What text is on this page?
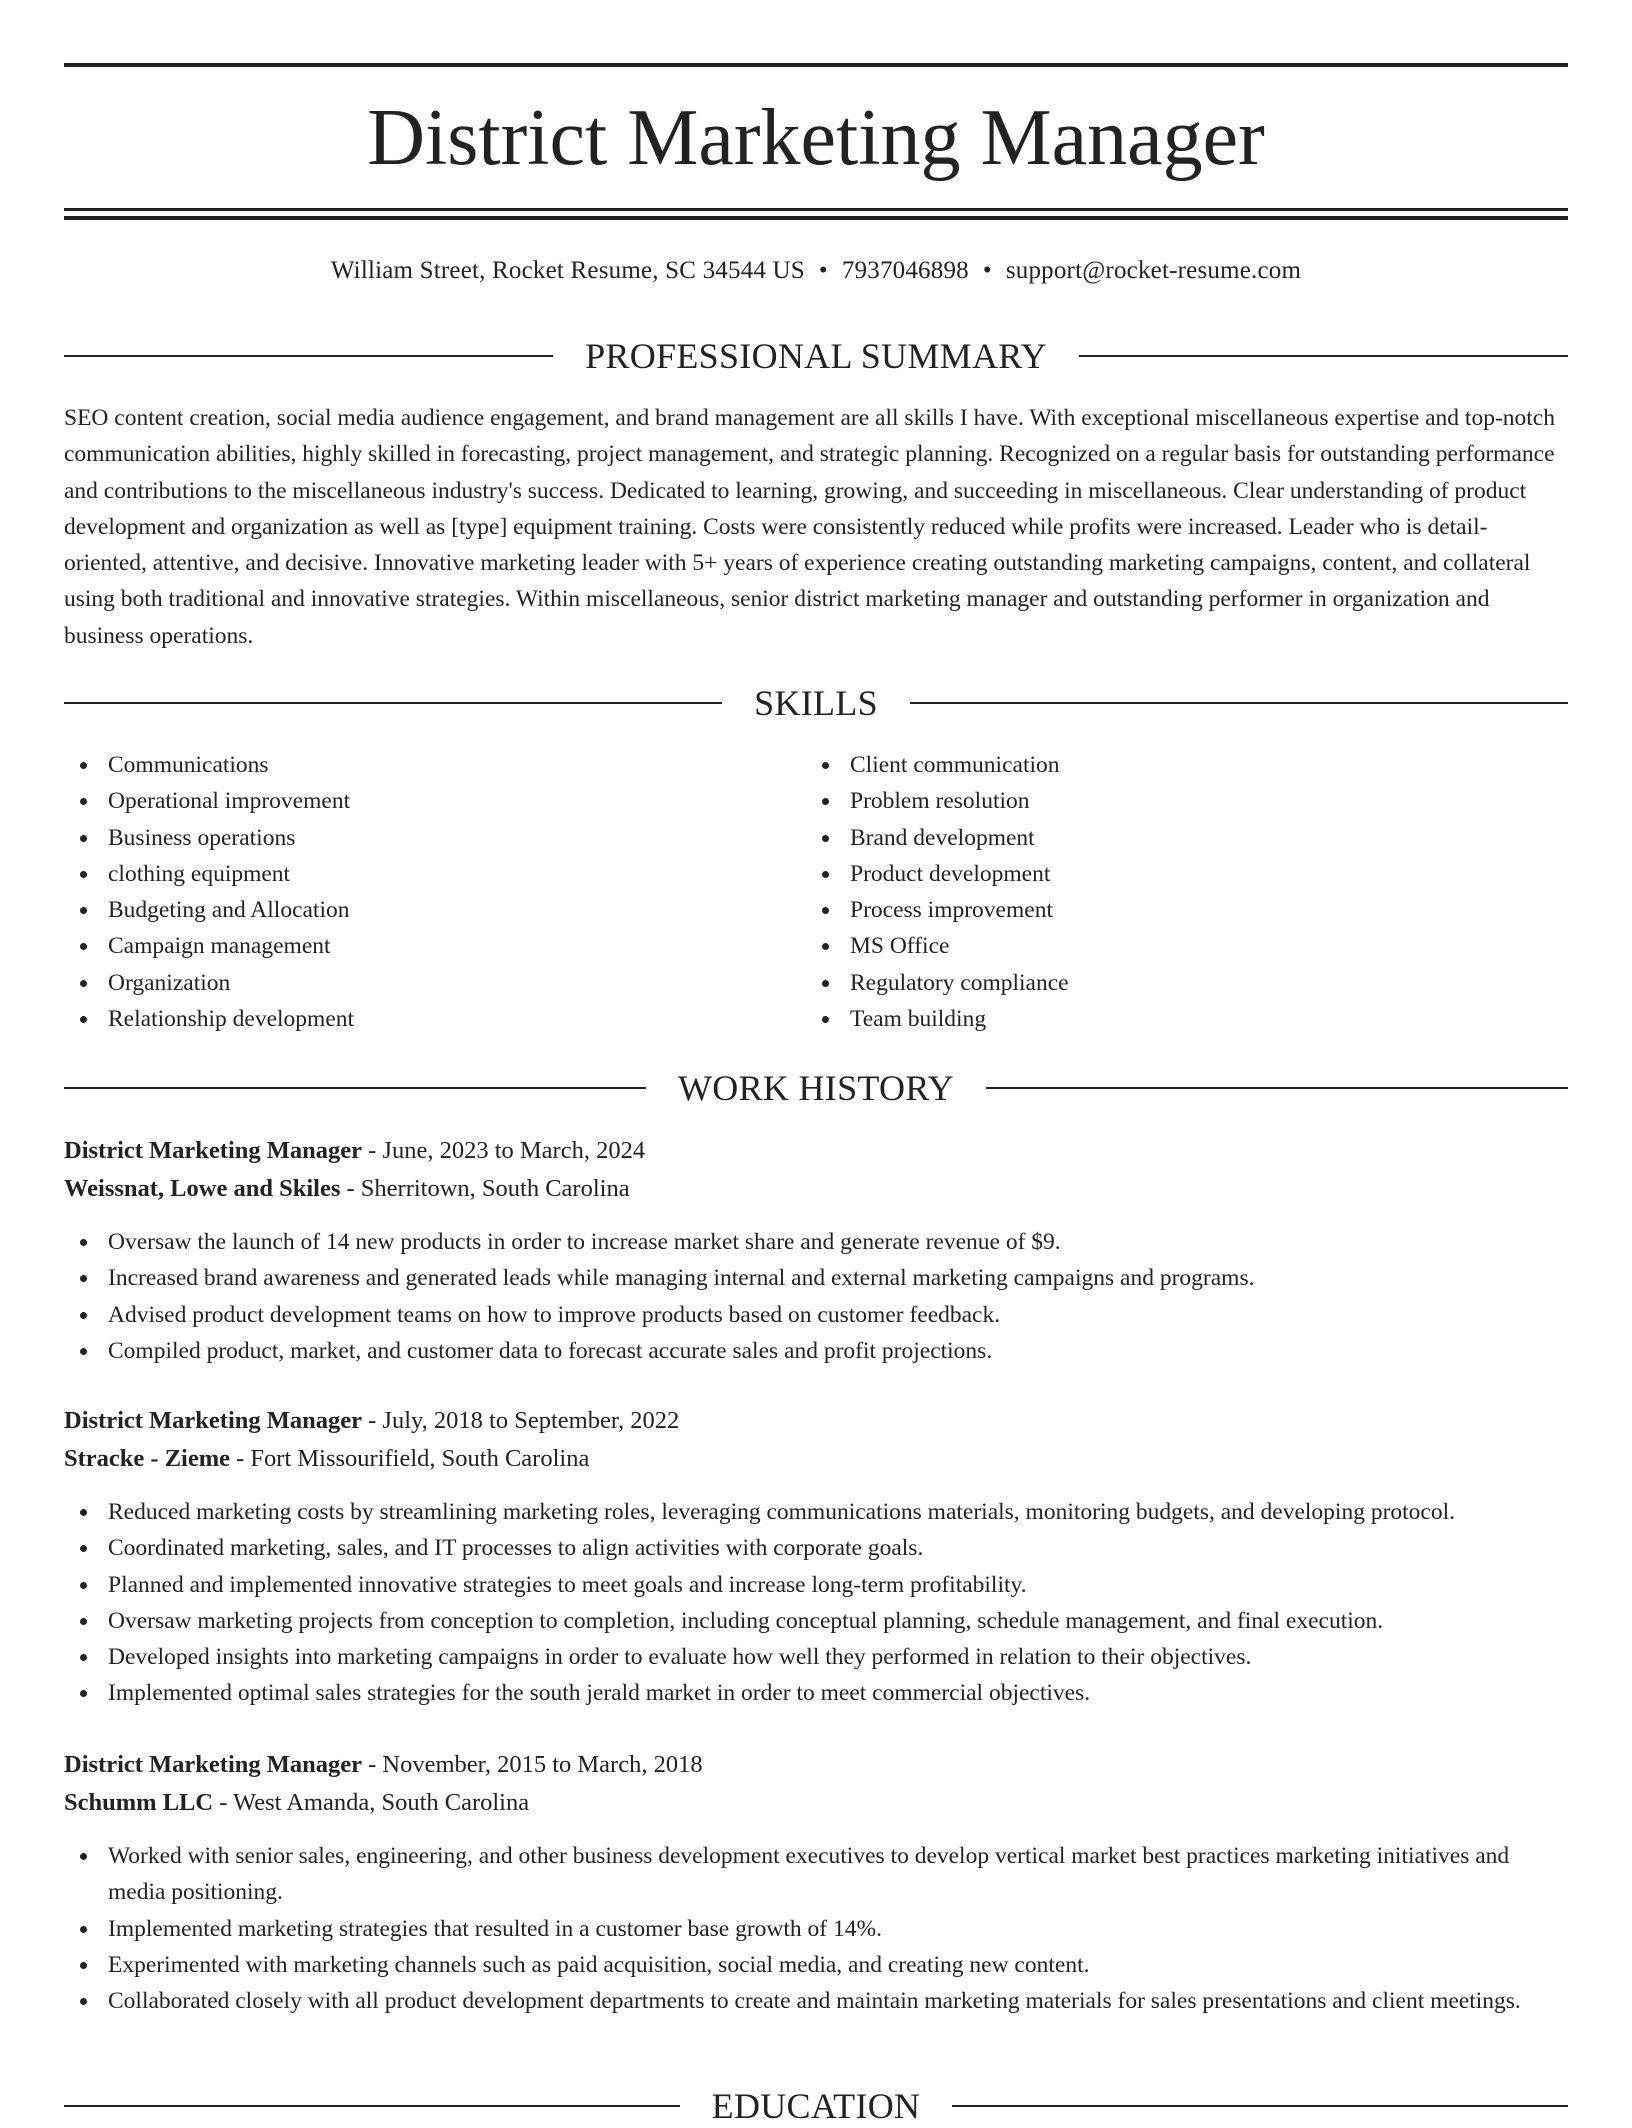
District Marketing Manager
William Street, Rocket Resume, SC 34544 US • 7937046898 • support@rocket-resume.com
PROFESSIONAL SUMMARY

SEO content creation, social media audience engagement, and brand management are all skills I have. With exceptional miscellaneous expertise and top-notch communication abilities, highly skilled in forecasting, project management, and strategic planning. Recognized on a regular basis for outstanding performance and contributions to the miscellaneous industry's success. Dedicated to learning, growing, and succeeding in miscellaneous. Clear understanding of product development and organization as well as [type] equipment training. Costs were consistently reduced while profits were increased. Leader who is detail-oriented, attentive, and decisive. Innovative marketing leader with 5+ years of experience creating outstanding marketing campaigns, content, and collateral using both traditional and innovative strategies. Within miscellaneous, senior district marketing manager and outstanding performer in organization and business operations.

SKILLS
Communications
Operational improvement
Business operations
clothing equipment
Budgeting and Allocation
Campaign management
Organization
Relationship development
Client communication
Problem resolution
Brand development
Product development
Process improvement
MS Office
Regulatory compliance
Team building
WORK HISTORY
District Marketing Manager - June, 2023 to March, 2024
Weissnat, Lowe and Skiles - Sherritown, South Carolina
Oversaw the launch of 14 new products in order to increase market share and generate revenue of $9.
Increased brand awareness and generated leads while managing internal and external marketing campaigns and programs.
Advised product development teams on how to improve products based on customer feedback.
Compiled product, market, and customer data to forecast accurate sales and profit projections.
District Marketing Manager - July, 2018 to September, 2022
Stracke - Zieme - Fort Missourifield, South Carolina
Reduced marketing costs by streamlining marketing roles, leveraging communications materials, monitoring budgets, and developing protocol.
Coordinated marketing, sales, and IT processes to align activities with corporate goals.
Planned and implemented innovative strategies to meet goals and increase long-term profitability.
Oversaw marketing projects from conception to completion, including conceptual planning, schedule management, and final execution.
Developed insights into marketing campaigns in order to evaluate how well they performed in relation to their objectives.
Implemented optimal sales strategies for the south jerald market in order to meet commercial objectives.
District Marketing Manager - November, 2015 to March, 2018
Schumm LLC - West Amanda, South Carolina
Worked with senior sales, engineering, and other business development executives to develop vertical market best practices marketing initiatives and media positioning.
Implemented marketing strategies that resulted in a customer base growth of 14%.
Experimented with marketing channels such as paid acquisition, social media, and creating new content.
Collaborated closely with all product development departments to create and maintain marketing materials for sales presentations and client meetings.
EDUCATION
